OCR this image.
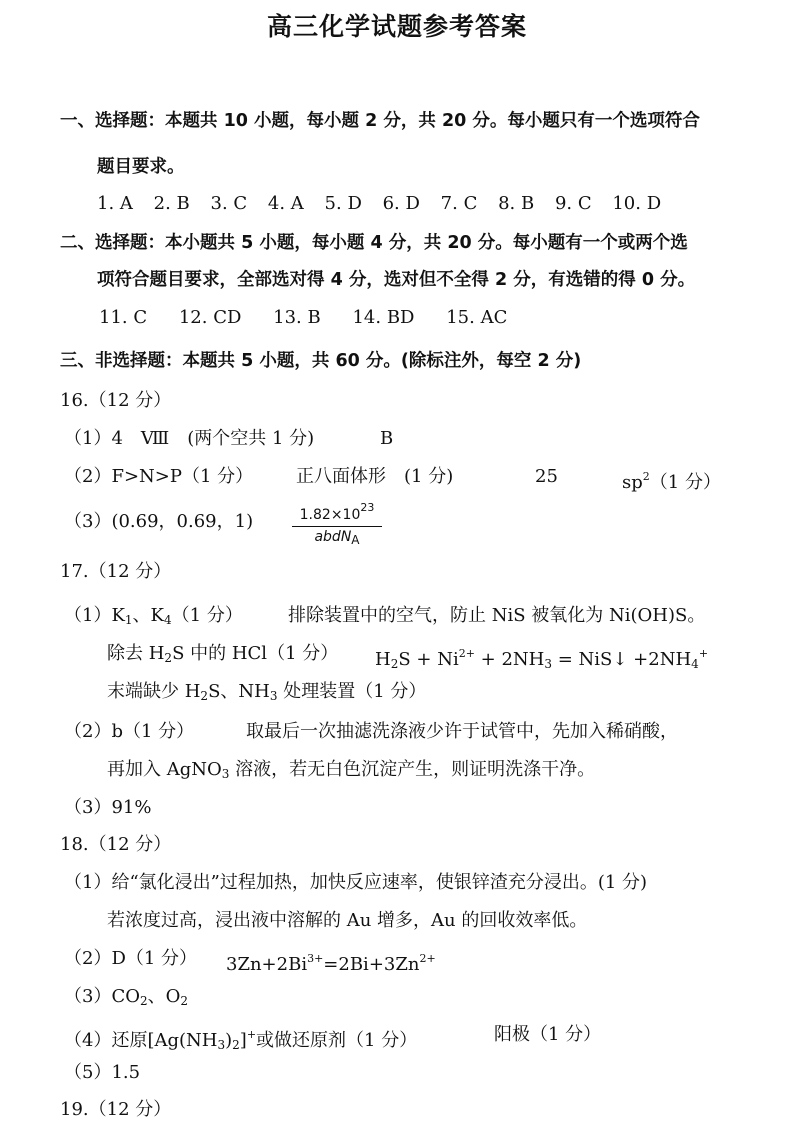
高三化学试题参考答案
一、选择题：本题共 10 小题，每小题 2 分，共 20 分。每小题只有一个选项符合
题目要求。
1. A 2. B 3. C 4. A 5. D 6. D 7. C 8. B 9. C 10. D
二、选择题：本小题共 5 小题，每小题 4 分，共 20 分。每小题有一个或两个选
项符合题目要求，全部选对得 4 分，选对但不全得 2 分，有选错的得 0 分。
11. C 12. CD 13. B 14. BD 15. AC
三、非选择题：本题共 5 小题，共 60 分。(除标注外，每空 2 分)
16.（12 分）
（1）4　Ⅷ　(两个空共 1 分)	B
（2）F>N>P（1 分） 正八面体形　(1 分)	25	$sp^2(1$ 分）
（3）(0.69，0.69，1)	$1.82\times 10^{23}$
abdNA
17.（12 分）
$(1)K_1$、$K_4(1$ 分）	排除装置中的空气，防止 NiS 被氧化为 Ni(OH)S。
除去 $H_2S$ 中的 HCl（1 分） $H_2S + Ni^{2+} + 2NH_3$ = NiS↓ $+2NH_4^+$
末端缺少 $H_2S$、$NH_3$ 处理装置（1 分）
（2）b（1 分）	取最后一次抽滤洗涤液少许于试管中，先加入稀硝酸，
再加入 AgNO$_3$ 溶液，若无白色沉淀产生，则证明洗涤干净。
（3）91%
18.（12 分）
（1）给“氯化浸出”过程加热，加快反应速率，使银锌渣充分浸出。(1 分)
若浓度过高，浸出液中溶解的 Au 增多，Au 的回收效率低。
（2）D（1 分） $3Zn+2Bi^{3+}=2Bi+3Zn^{2+}$
$(3)CO_2$、$O_2$
（4）还原$[Ag(NH_3)_2]^+$或做还原剂（1 分）	阳极（1 分）
（5）1.5
19.（12 分）
